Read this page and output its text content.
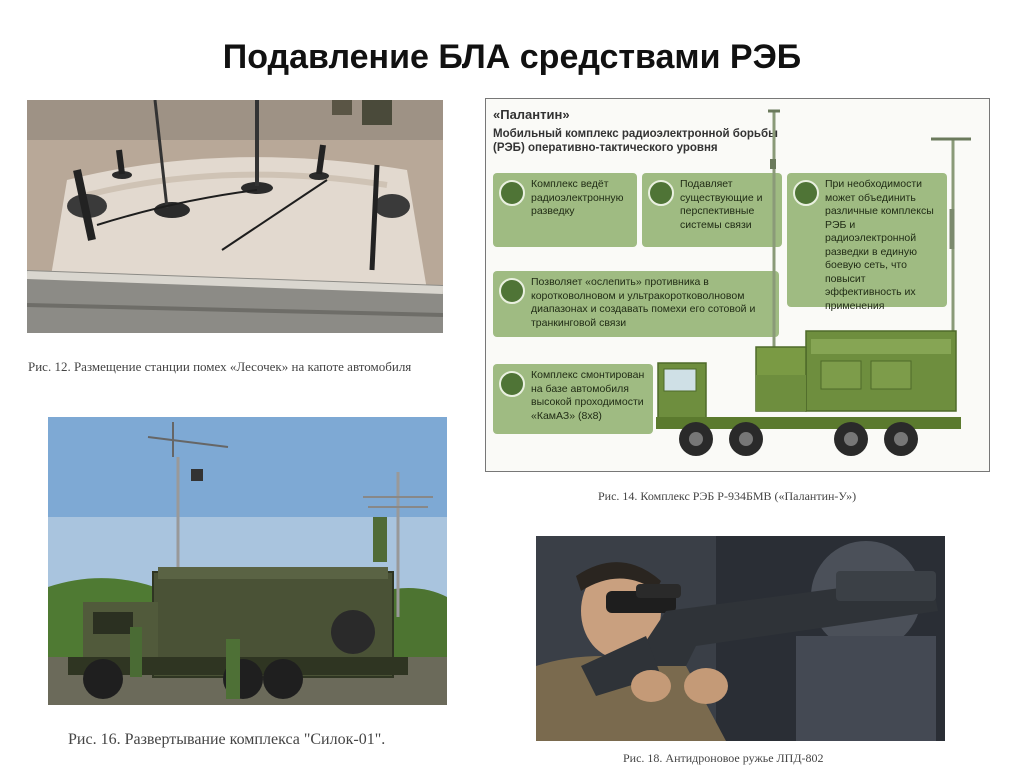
Подавление БЛА средствами РЭБ
Рис. 12. Размещение станции помех «Лесочек» на капоте автомобиля
«Палантин»
Мобильный комплекс радиоэлектронной борьбы (РЭБ) оперативно-тактического уровня
Комплекс ведёт радиоэлектронную разведку
Подавляет существующие и перспективные системы связи
При необходимости может объединить различные комплексы РЭБ и радиоэлектронной разведки в единую боевую сеть, что повысит эффективность их применения
Позволяет «ослепить» противника в коротковолновом и ультракоротковолновом диапазонах и создавать помехи его сотовой и транкинговой связи
Комплекс смонтирован на базе автомобиля высокой проходимости «КамАЗ» (8х8)
Рис. 14. Комплекс РЭБ Р-934БМВ («Палантин-У»)
Рис. 16. Развертывание комплекса "Силок-01".
Рис. 18. Антидроновое ружье ЛПД-802
